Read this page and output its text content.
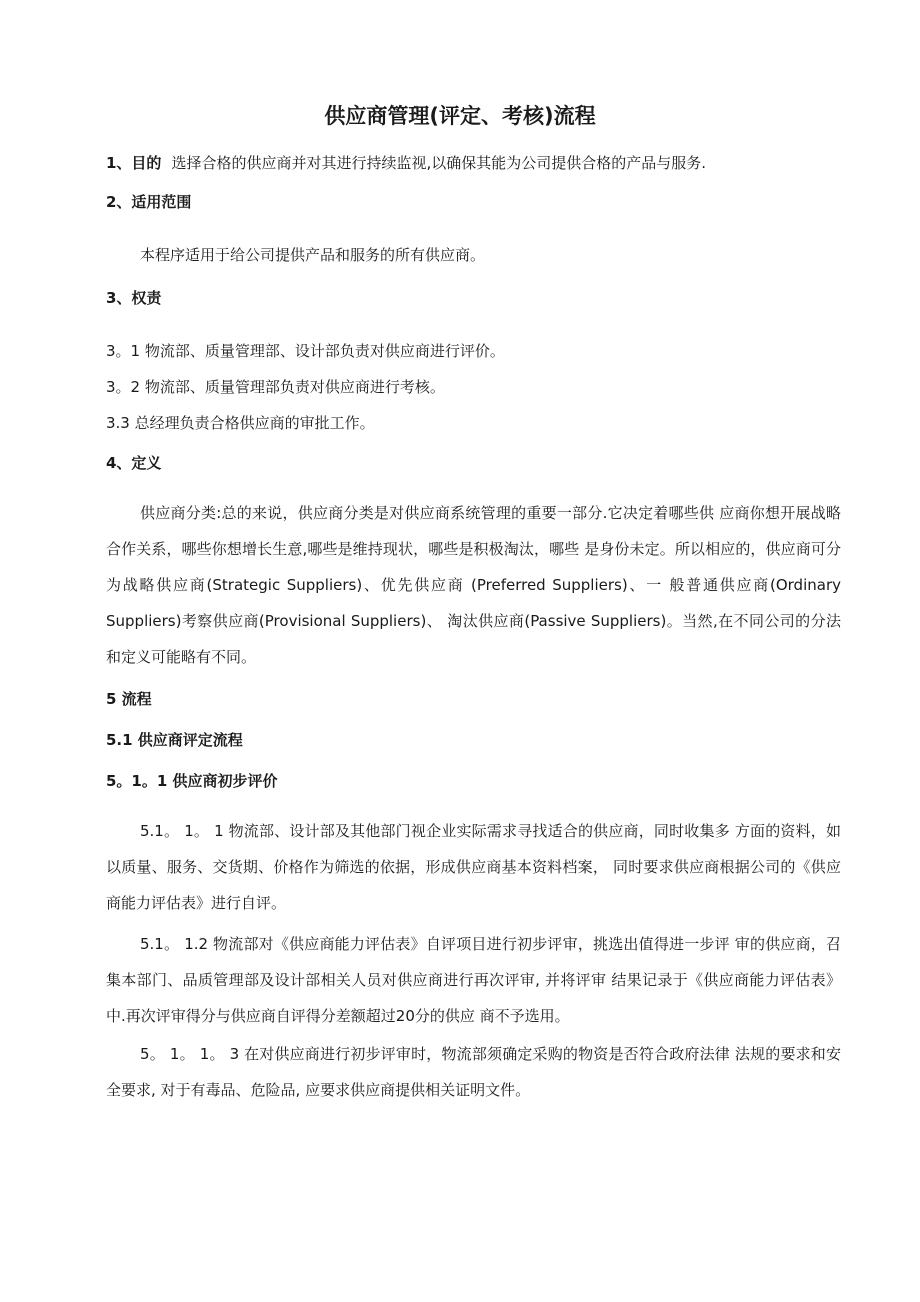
供应商管理(评定、考核)流程
1、目的 选择合格的供应商并对其进行持续监视,以确保其能为公司提供合格的产品与服务.
2、适用范围
本程序适用于给公司提供产品和服务的所有供应商。
3、权责
3。1 物流部、质量管理部、设计部负责对供应商进行评价。
3。2 物流部、质量管理部负责对供应商进行考核。
3.3 总经理负责合格供应商的审批工作。
4、定义
供应商分类:总的来说，供应商分类是对供应商系统管理的重要一部分.它决定着哪些供 应商你想开展战略合作关系，哪些你想增长生意,哪些是维持现状，哪些是积极淘汰，哪些 是身份未定。所以相应的，供应商可分为战略供应商(Strategic Suppliers)、优先供应商 (Preferred Suppliers)、一 般普通供应商(Ordinary Suppliers)考察供应商(Provisional Suppliers)、 淘汰供应商(Passive Suppliers)。当然,在不同公司的分法和定义可能略有不同。
5 流程
5.1 供应商评定流程
5。1。1 供应商初步评价
5.1。 1。 1 物流部、设计部及其他部门视企业实际需求寻找适合的供应商，同时收集多 方面的资料，如以质量、服务、交货期、价格作为筛选的依据，形成供应商基本资料档案， 同时要求供应商根据公司的《供应商能力评估表》进行自评。
5.1。 1.2 物流部对《供应商能力评估表》自评项目进行初步评审，挑选出值得进一步评 审的供应商，召集本部门、品质管理部及设计部相关人员对供应商进行再次评审, 并将评审 结果记录于《供应商能力评估表》中.再次评审得分与供应商自评得分差额超过20分的供应 商不予选用。
5。 1。 1。 3 在对供应商进行初步评审时，物流部须确定采购的物资是否符合政府法律 法规的要求和安全要求, 对于有毒品、危险品, 应要求供应商提供相关证明文件。
